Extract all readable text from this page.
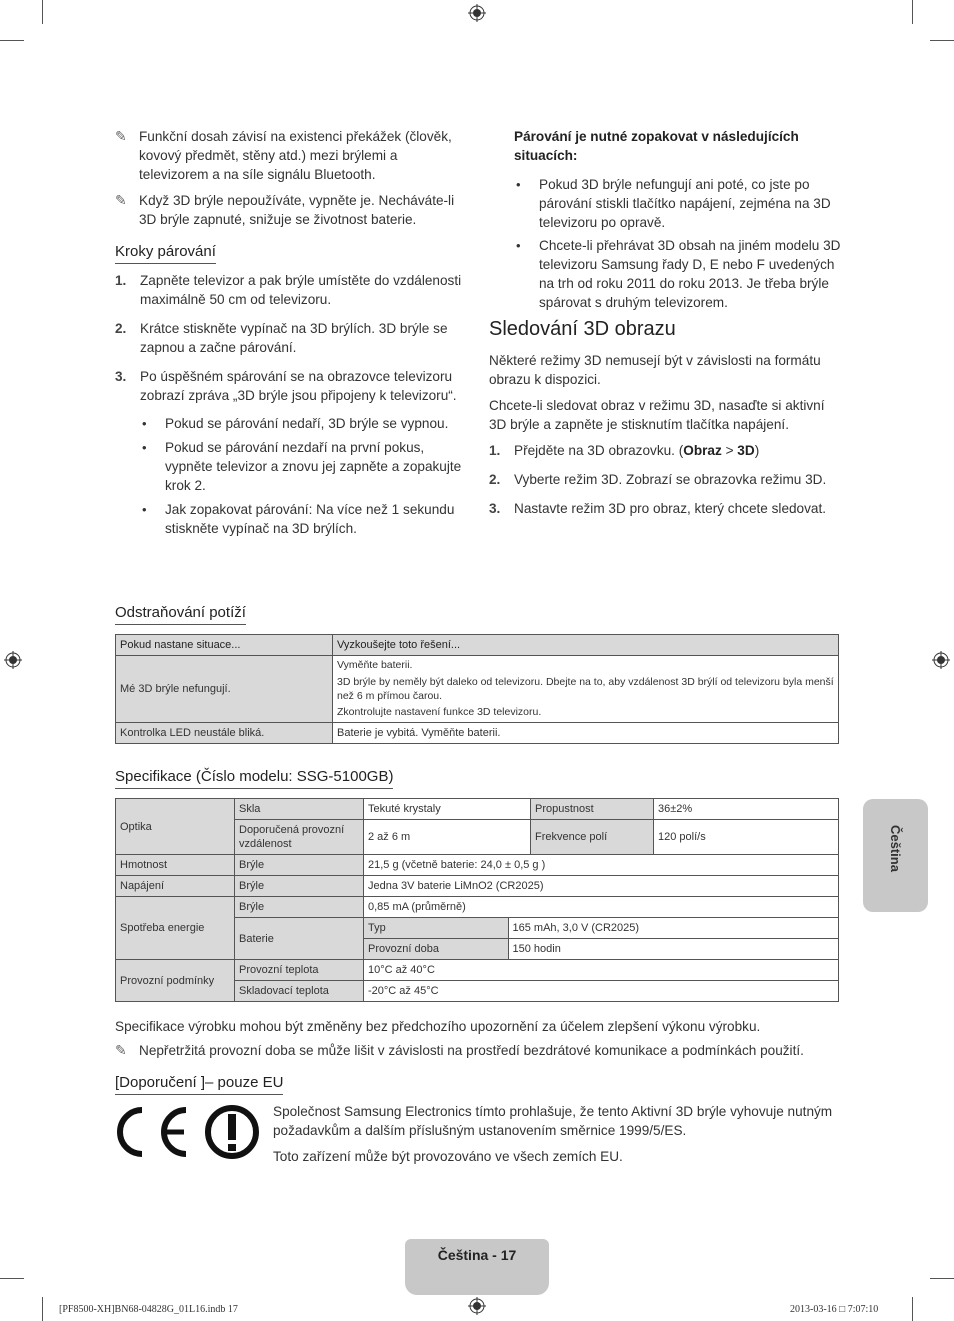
✎ Funkční dosah závisí na existenci překážek (člověk, kovový předmět, stěny atd.) mezi brýlemi a televizorem a na síle signálu Bluetooth.
✎ Když 3D brýle nepoužíváte, vypněte je. Necháváte-li 3D brýle zapnuté, snižuje se životnost baterie.
Kroky párování
1. Zapněte televizor a pak brýle umístěte do vzdálenosti maximálně 50 cm od televizoru.
2. Krátce stiskněte vypínač na 3D brýlích. 3D brýle se zapnou a začne párování.
3. Po úspěšném spárování se na obrazovce televizoru zobrazí zpráva „3D brýle jsou připojeny k televizoru“.
• Pokud se párování nedaří, 3D brýle se vypnou.
• Pokud se párování nezdaří na první pokus, vypněte televizor a znovu jej zapněte a zopakujte krok 2.
• Jak zopakovat párování: Na více než 1 sekundu stiskněte vypínač na 3D brýlích.
Párování je nutné zopakovat v následujících situacích:
• Pokud 3D brýle nefungují ani poté, co jste po párování stiskli tlačítko napájení, zejména na 3D televizoru po opravě.
• Chcete-li přehrávat 3D obsah na jiném modelu 3D televizoru Samsung řady D, E nebo F uvedených na trh od roku 2011 do roku 2013. Je třeba brýle spárovat s druhým televizorem.
Sledování 3D obrazu
Některé režimy 3D nemusejí být v závislosti na formátu obrazu k dispozici.
Chcete-li sledovat obraz v režimu 3D, nasaďte si aktivní 3D brýle a zapněte je stisknutím tlačítka napájení.
1. Přejděte na 3D obrazovku. (Obraz > 3D)
2. Vyberte režim 3D. Zobrazí se obrazovka režimu 3D.
3. Nastavte režim 3D pro obraz, který chcete sledovat.
Odstraňování potíží
Pokud nastane situace...	Vyzkoušejte toto řešení...
Mé 3D brýle nefungují.	Vyměňte baterii.
3D brýle by neměly být daleko od televizoru. Dbejte na to, aby vzdálenost 3D brýlí od televizoru byla menší než 6 m přímou čarou.
Zkontrolujte nastavení funkce 3D televizoru.

Kontrolka LED neustále bliká.	Baterie je vybitá. Vyměňte baterii.
Specifikace (Číslo modelu: SSG-5100GB)
Optika	Skla	Tekuté krystaly	Propustnost	36±2%
Doporučená provozní vzdálenost	2 až 6 m	Frekvence polí	120 polí/s
Hmotnost	Brýle	21,5 g (včetně baterie: 24,0 ± 0,5 g )
Napájení	Brýle	Jedna 3V baterie LiMnO2 (CR2025)
Spotřeba energie	Brýle	0,85 mA (průměrně)
Baterie	
Typ	165 mAh, 3,0 V (CR2025)

Provozní doba	150 hodin

Provozní podmínky	Provozní teplota	10°C až 40°C
Skladovací teplota	-20°C až 45°C
Specifikace výrobku mohou být změněny bez předchozího upozornění za účelem zlepšení výkonu výrobku.
✎ Nepřetržitá provozní doba se může lišit v závislosti na prostředí bezdrátové komunikace a podmínkách použití.
[Doporučení ]– pouze EU
Společnost Samsung Electronics tímto prohlašuje, že tento Aktivní 3D brýle vyhovuje nutným požadavkům a dalším příslušným ustanovením směrnice 1999/5/ES.
Toto zařízení může být provozováno ve všech zemích EU.
Čeština
Čeština - 17
[PF8500-XH]BN68-04828G_01L16.indb 17	2013-03-16 □ 7:07:10
